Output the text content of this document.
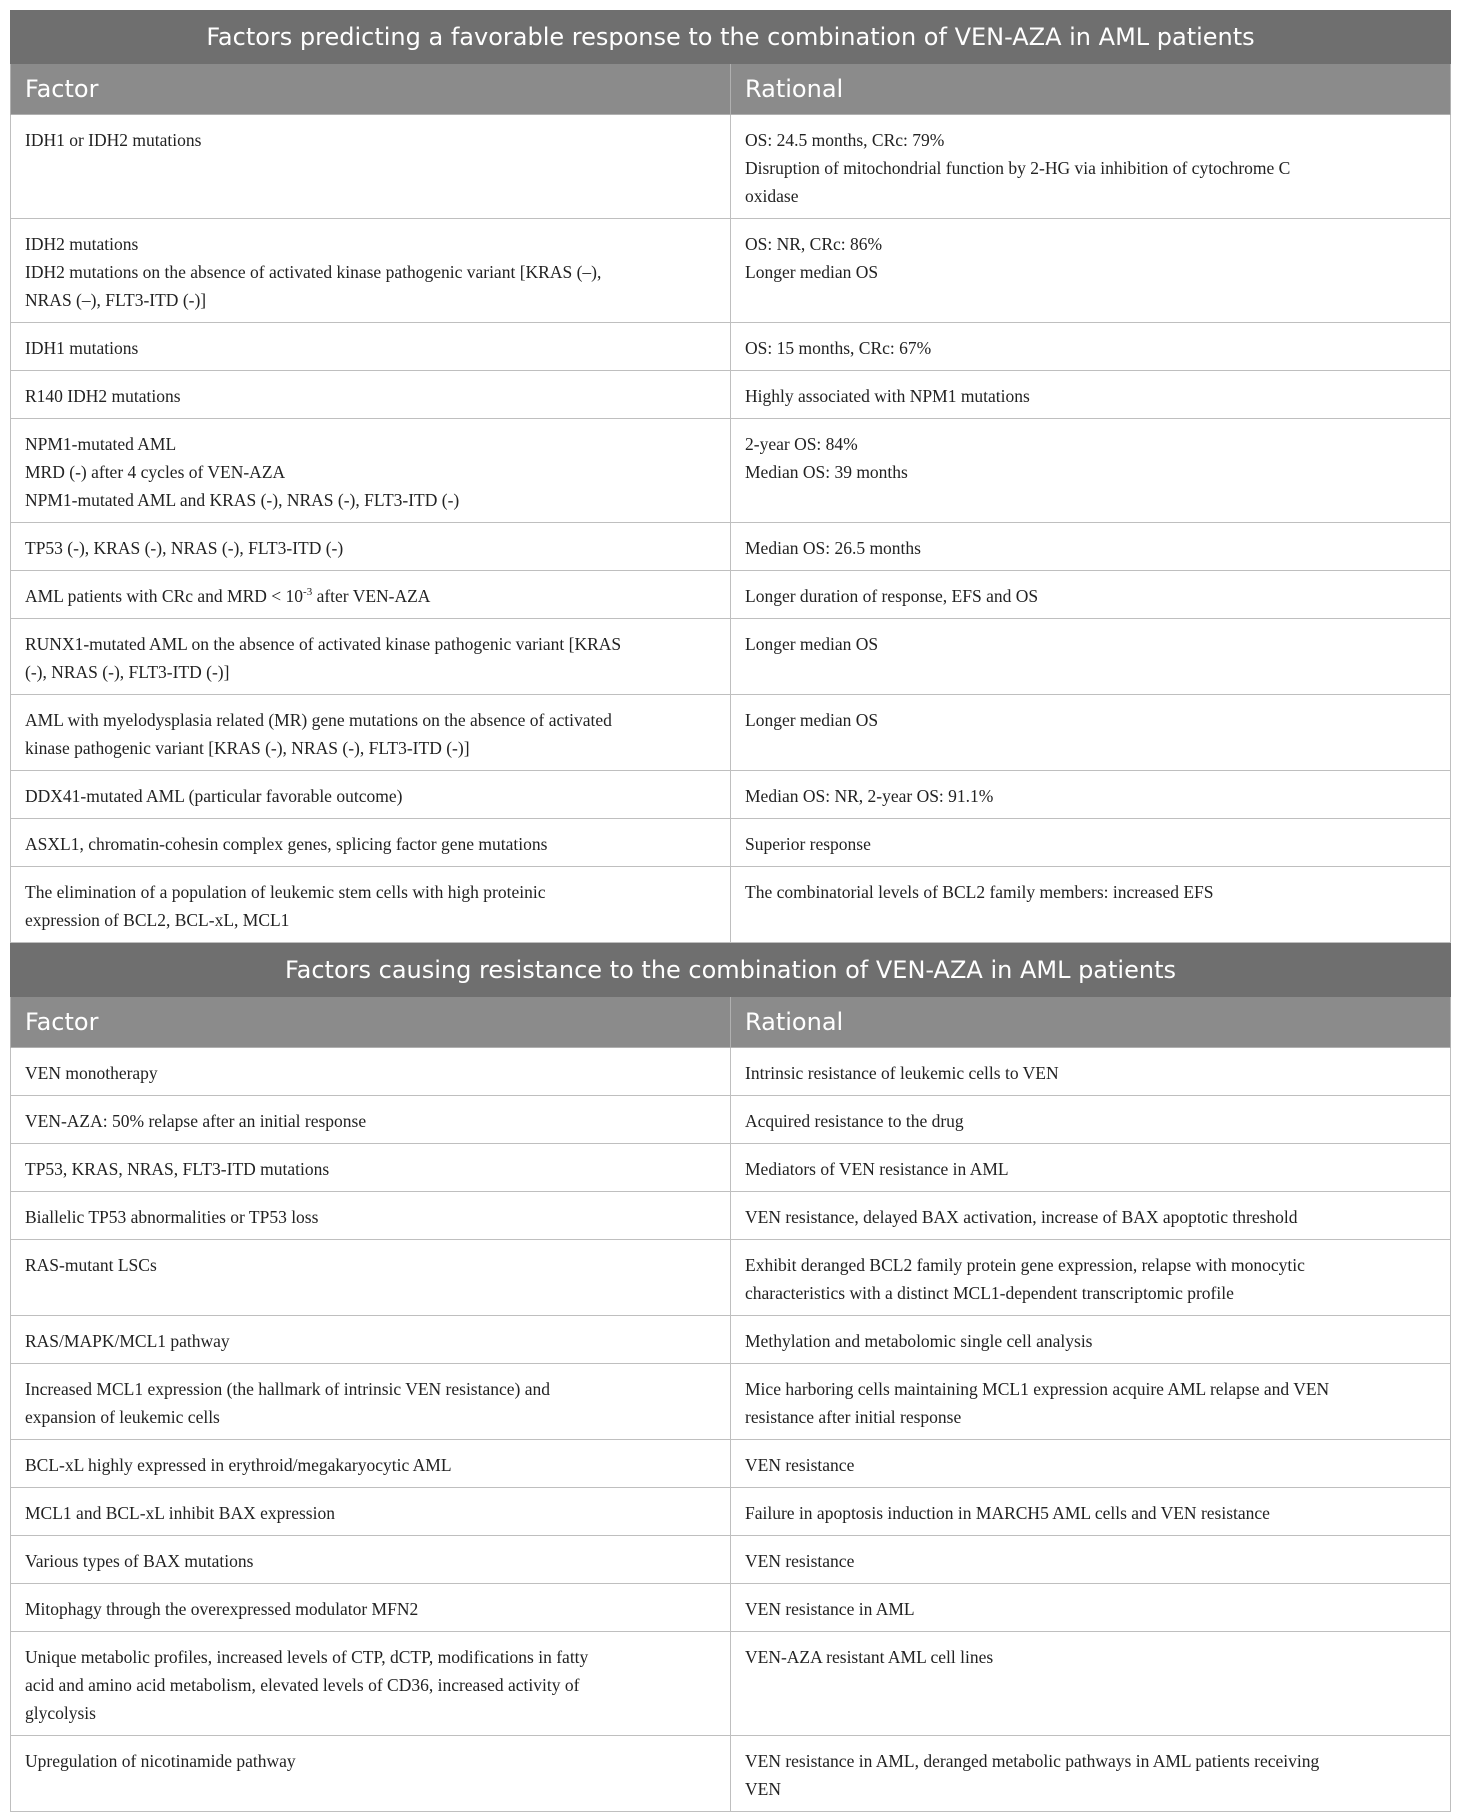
Factors predicting a favorable response to the combination of VEN-AZA in AML patients	
Factor	Rational

IDH1 or IDH2 mutations	OS: 24.5 months, CRc: 79%
Disruption of mitochondrial function by 2-HG via inhibition of cytochrome C
oxidase

IDH2 mutations
IDH2 mutations on the absence of activated kinase pathogenic variant [KRAS (–),
NRAS (–), FLT3-ITD (-)]	OS: NR, CRc: 86%
Longer median OS

IDH1 mutations	OS: 15 months, CRc: 67%

R140 IDH2 mutations	Highly associated with NPM1 mutations

NPM1-mutated AML
MRD (-) after 4 cycles of VEN-AZA
NPM1-mutated AML and KRAS (-), NRAS (-), FLT3-ITD (-)	2-year OS: 84%
Median OS: 39 months

TP53 (-), KRAS (-), NRAS (-), FLT3-ITD (-)	Median OS: 26.5 months

AML patients with CRc and MRD < $10^{-3}$ after VEN-AZA	Longer duration of response, EFS and OS

RUNX1-mutated AML on the absence of activated kinase pathogenic variant [KRAS
(-), NRAS (-), FLT3-ITD (-)]	Longer median OS

AML with myelodysplasia related (MR) gene mutations on the absence of activated
kinase pathogenic variant [KRAS (-), NRAS (-), FLT3-ITD (-)]	Longer median OS

DDX41-mutated AML (particular favorable outcome)	Median OS: NR, 2-year OS: 91.1%

ASXL1, chromatin-cohesin complex genes, splicing factor gene mutations	Superior response

The elimination of a population of leukemic stem cells with high proteinic
expression of BCL2, BCL-xL, MCL1	The combinatorial levels of BCL2 family members: increased EFS
Factors causing resistance to the combination of VEN-AZA in AML patients	
Factor	Rational

VEN monotherapy	Intrinsic resistance of leukemic cells to VEN

VEN-AZA: 50% relapse after an initial response	Acquired resistance to the drug

TP53, KRAS, NRAS, FLT3-ITD mutations	Mediators of VEN resistance in AML

Biallelic TP53 abnormalities or TP53 loss	VEN resistance, delayed BAX activation, increase of BAX apoptotic threshold

RAS-mutant LSCs	Exhibit deranged BCL2 family protein gene expression, relapse with monocytic
characteristics with a distinct MCL1-dependent transcriptomic profile

RAS/MAPK/MCL1 pathway	Methylation and metabolomic single cell analysis

Increased MCL1 expression (the hallmark of intrinsic VEN resistance) and
expansion of leukemic cells	Mice harboring cells maintaining MCL1 expression acquire AML relapse and VEN
resistance after initial response

BCL-xL highly expressed in erythroid/megakaryocytic AML	VEN resistance

MCL1 and BCL-xL inhibit BAX expression	Failure in apoptosis induction in MARCH5 AML cells and VEN resistance

Various types of BAX mutations	VEN resistance

Mitophagy through the overexpressed modulator MFN2	VEN resistance in AML

Unique metabolic profiles, increased levels of CTP, dCTP, modifications in fatty
acid and amino acid metabolism, elevated levels of CD36, increased activity of
glycolysis	VEN-AZA resistant AML cell lines

Upregulation of nicotinamide pathway	VEN resistance in AML, deranged metabolic pathways in AML patients receiving
VEN
